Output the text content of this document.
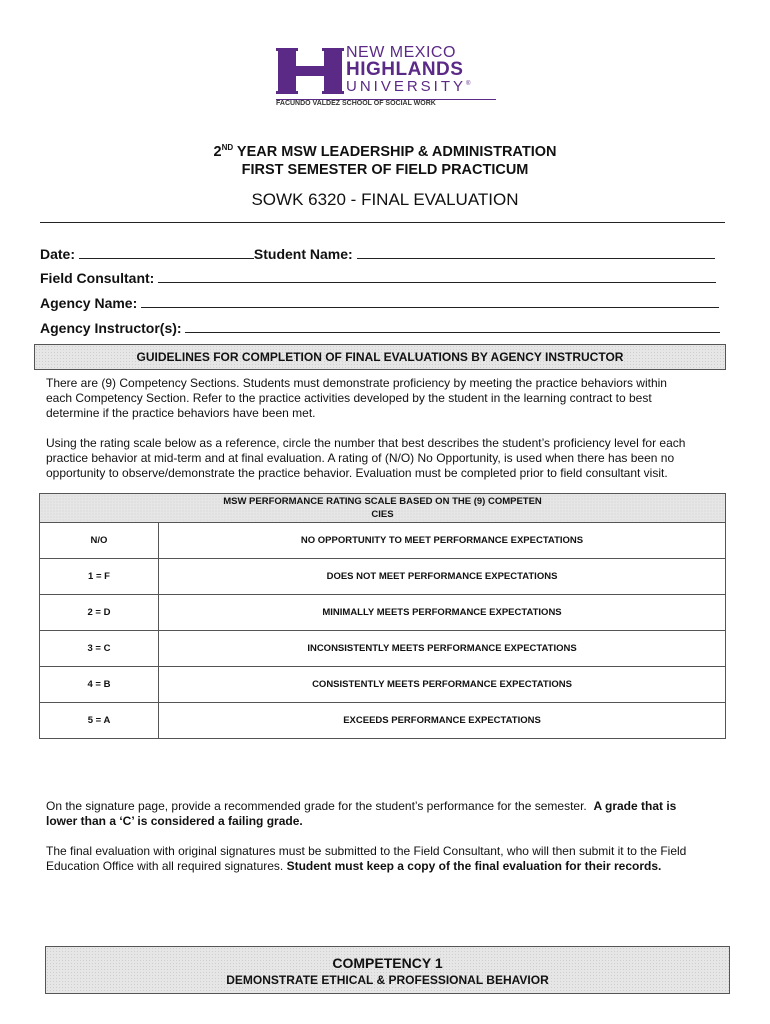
NEW MEXICO
HIGHLANDS
UNIVERSITY®
FACUNDO VALDEZ SCHOOL OF SOCIAL WORK
2ND YEAR MSW LEADERSHIP & ADMINISTRATION
FIRST SEMESTER OF FIELD PRACTICUM
SOWK 6320 - FINAL EVALUATION
Date:	Student Name:
Field Consultant:
Agency Name:
Agency Instructor(s):
GUIDELINES FOR COMPLETION OF FINAL EVALUATIONS BY AGENCY INSTRUCTOR
There are (9) Competency Sections. Students must demonstrate proficiency by meeting the practice behaviors within
each Competency Section. Refer to the practice activities developed by the student in the learning contract to best
determine if the practice behaviors have been met.
Using the rating scale below as a reference, circle the number that best describes the student’s proficiency level for each
practice behavior at mid-term and at final evaluation. A rating of (N/O) No Opportunity, is used when there has been no
opportunity to observe/demonstrate the practice behavior. Evaluation must be completed prior to field consultant visit.
MSW PERFORMANCE RATING SCALE BASED ON THE (9) COMPETEN
CIES	

N/O	NO OPPORTUNITY TO MEET PERFORMANCE EXPECTATIONS
1 = F	DOES NOT MEET PERFORMANCE EXPECTATIONS
2 = D	MINIMALLY MEETS PERFORMANCE EXPECTATIONS
3 = C	INCONSISTENTLY MEETS PERFORMANCE EXPECTATIONS
4 = B	CONSISTENTLY MEETS PERFORMANCE EXPECTATIONS
5 = A	EXCEEDS PERFORMANCE EXPECTATIONS
On the signature page, provide a recommended grade for the student’s performance for the semester. A grade that is
lower than a ‘C’ is considered a failing grade.
The final evaluation with original signatures must be submitted to the Field Consultant, who will then submit it to the Field
Education Office with all required signatures. Student must keep a copy of the final evaluation for their records.
COMPETENCY 1
DEMONSTRATE ETHICAL & PROFESSIONAL BEHAVIOR
